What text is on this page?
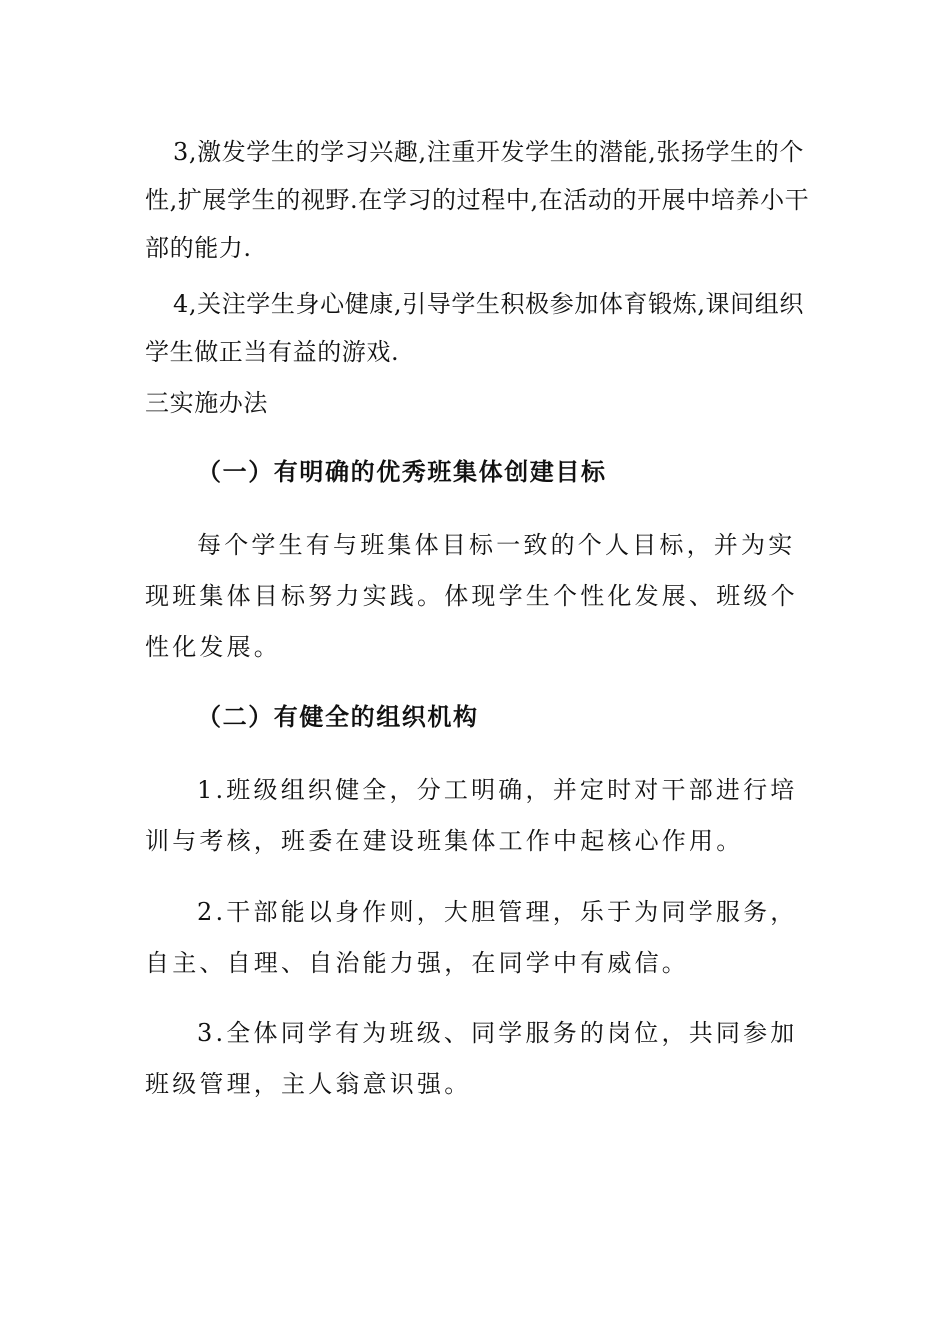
3,激发学生的学习兴趣,注重开发学生的潜能,张扬学生的个性,扩展学生的视野.在学习的过程中,在活动的开展中培养小干部的能力.

4,关注学生身心健康,引导学生积极参加体育锻炼,课间组织学生做正当有益的游戏.

三实施办法

（一）有明确的优秀班集体创建目标

每个学生有与班集体目标一致的个人目标，并为实现班集体目标努力实践。体现学生个性化发展、班级个性化发展。

（二）有健全的组织机构

1.班级组织健全，分工明确，并定时对干部进行培训与考核，班委在建设班集体工作中起核心作用。

2.干部能以身作则，大胆管理，乐于为同学服务，自主、自理、自治能力强，在同学中有威信。

3.全体同学有为班级、同学服务的岗位，共同参加班级管理，主人翁意识强。
